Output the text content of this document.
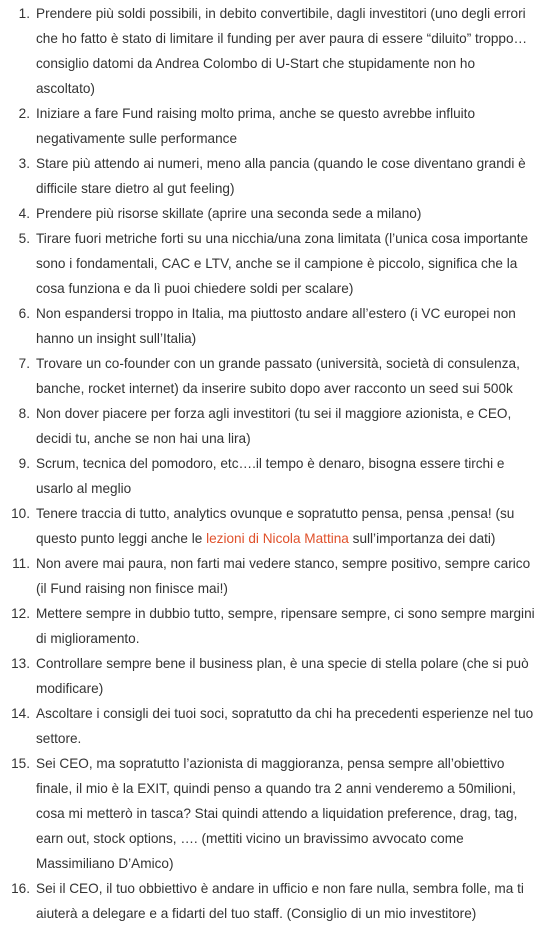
1. Prendere più soldi possibili, in debito convertibile, dagli investitori (uno degli errori che ho fatto è stato di limitare il funding per aver paura di essere “diluito” troppo… consiglio datomi da Andrea Colombo di U-Start che stupidamente non ho ascoltato)
2. Iniziare a fare Fund raising molto prima, anche se questo avrebbe influito negativamente sulle performance
3. Stare più attendo ai numeri, meno alla pancia (quando le cose diventano grandi è difficile stare dietro al gut feeling)
4. Prendere più risorse skillate (aprire una seconda sede a milano)
5. Tirare fuori metriche forti su una nicchia/una zona limitata (l’unica cosa importante sono i fondamentali, CAC e LTV, anche se il campione è piccolo, significa che la cosa funziona e da lì puoi chiedere soldi per scalare)
6. Non espandersi troppo in Italia, ma piuttosto andare all’estero (i VC europei non hanno un insight sull’Italia)
7. Trovare un co-founder con un grande passato (università, società di consulenza, banche, rocket internet) da inserire subito dopo aver racconto un seed sui 500k
8. Non dover piacere per forza agli investitori (tu sei il maggiore azionista, e CEO, decidi tu, anche se non hai una lira)
9. Scrum, tecnica del pomodoro, etc….il tempo è denaro, bisogna essere tirchi e usarlo al meglio
10. Tenere traccia di tutto, analytics ovunque e sopratutto pensa, pensa ,pensa! (su questo punto leggi anche le lezioni di Nicola Mattina sull’importanza dei dati)
11. Non avere mai paura, non farti mai vedere stanco, sempre positivo, sempre carico (il Fund raising non finisce mai!)
12. Mettere sempre in dubbio tutto, sempre, ripensare sempre, ci sono sempre margini di miglioramento.
13. Controllare sempre bene il business plan, è una specie di stella polare (che si può modificare)
14. Ascoltare i consigli dei tuoi soci, sopratutto da chi ha precedenti esperienze nel tuo settore.
15. Sei CEO, ma sopratutto l’azionista di maggioranza, pensa sempre all’obiettivo finale, il mio è la EXIT, quindi penso a quando tra 2 anni venderemo a 50milioni, cosa mi metterò in tasca? Stai quindi attendo a liquidation preference, drag, tag, earn out, stock options, …. (mettiti vicino un bravissimo avvocato come Massimiliano D’Amico)
16. Sei il CEO, il tuo obbiettivo è andare in ufficio e non fare nulla, sembra folle, ma ti aiuterà a delegare e a fidarti del tuo staff. (Consiglio di un mio investitore)
